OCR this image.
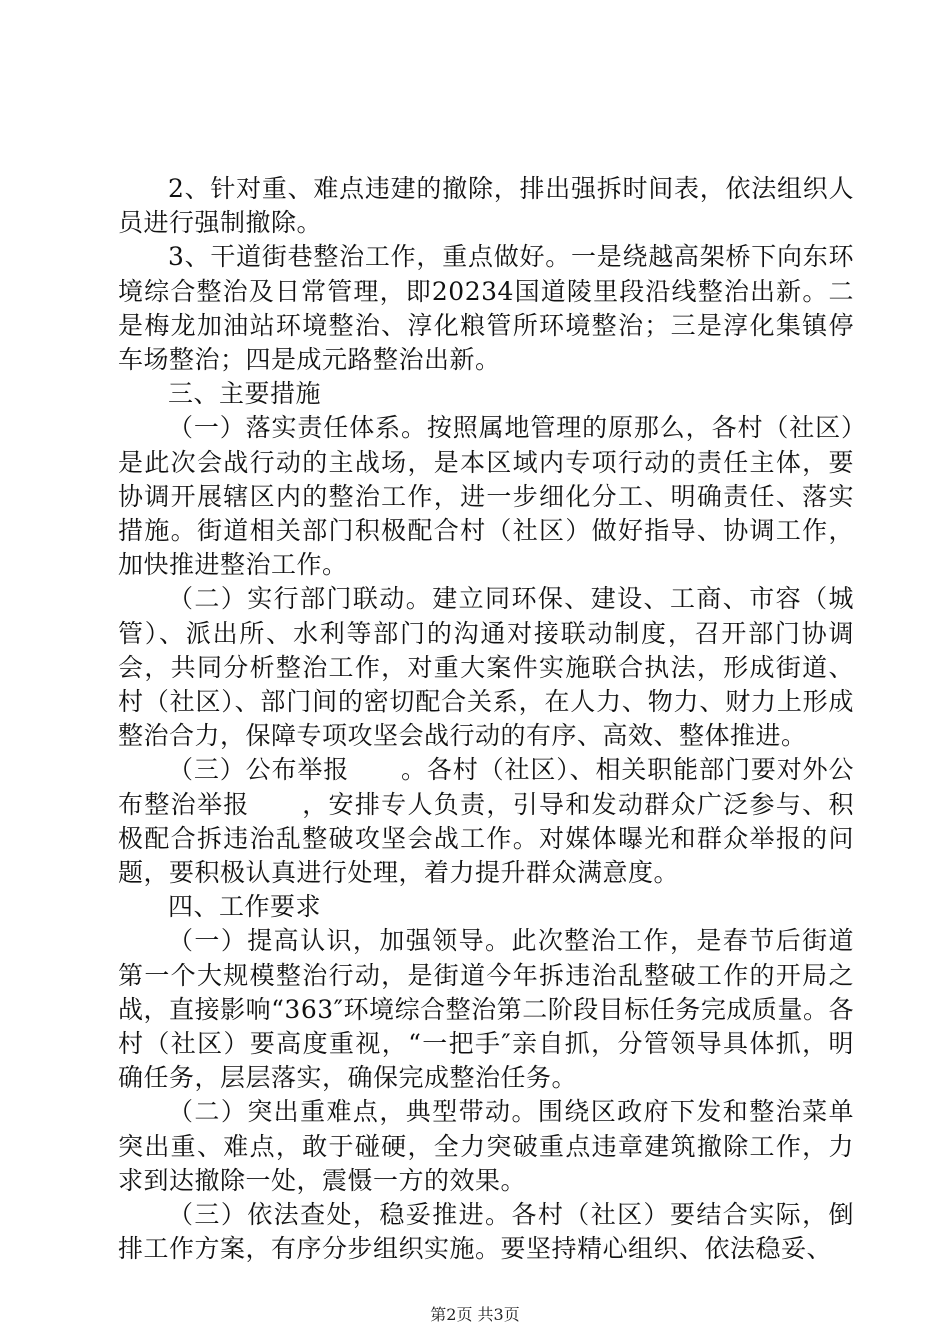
2、针对重、难点违建的撤除，排出强拆时间表，依法组织人员进行强制撤除。

3、干道街巷整治工作，重点做好。一是绕越高架桥下向东环境综合整治及日常管理，即20234国道陵里段沿线整治出新。二是梅龙加油站环境整治、淳化粮管所环境整治；三是淳化集镇停车场整治；四是成元路整治出新。

三、主要措施

（一）落实责任体系。按照属地管理的原那么，各村（社区）是此次会战行动的主战场，是本区域内专项行动的责任主体，要协调开展辖区内的整治工作，进一步细化分工、明确责任、落实措施。街道相关部门积极配合村（社区）做好指导、协调工作，加快推进整治工作。

（二）实行部门联动。建立同环保、建设、工商、市容（城管）、派出所、水利等部门的沟通对接联动制度，召开部门协调会，共同分析整治工作，对重大案件实施联合执法，形成街道、村（社区）、部门间的密切配合关系，在人力、物力、财力上形成整治合力，保障专项攻坚会战行动的有序、高效、整体推进。

（三）公布举报　　。各村（社区）、相关职能部门要对外公布整治举报　　，安排专人负责，引导和发动群众广泛参与、积极配合拆违治乱整破攻坚会战工作。对媒体曝光和群众举报的问题，要积极认真进行处理，着力提升群众满意度。

四、工作要求

（一）提高认识，加强领导。此次整治工作，是春节后街道第一个大规模整治行动，是街道今年拆违治乱整破工作的开局之战，直接影响“363″环境综合整治第二阶段目标任务完成质量。各村（社区）要高度重视，“一把手″亲自抓，分管领导具体抓，明确任务，层层落实，确保完成整治任务。

（二）突出重难点，典型带动。围绕区政府下发和整治菜单突出重、难点，敢于碰硬，全力突破重点违章建筑撤除工作，力求到达撤除一处，震慑一方的效果。

（三）依法查处，稳妥推进。各村（社区）要结合实际，倒排工作方案，有序分步组织实施。要坚持精心组织、依法稳妥、

第2页 共3页
